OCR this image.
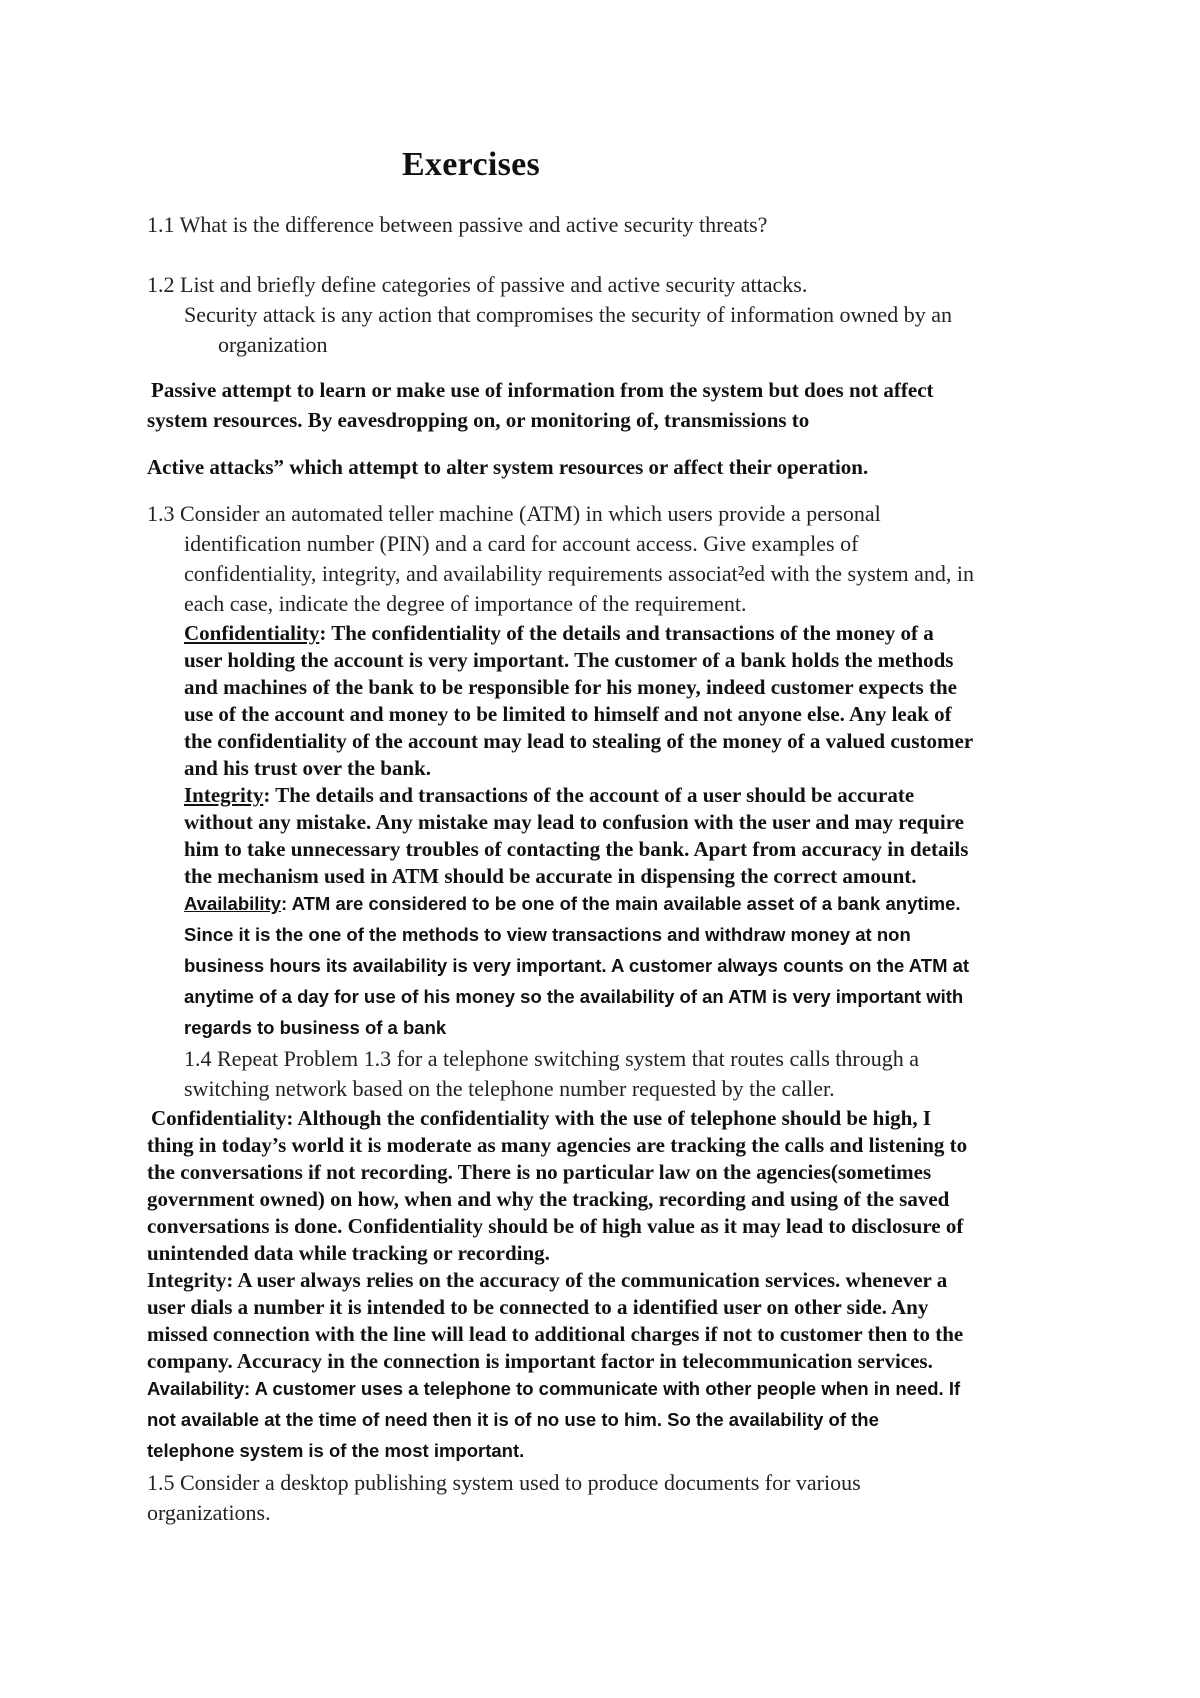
Exercises
1.1 What is the difference between passive and active security threats?
1.2 List and briefly define categories of passive and active security attacks.
Security attack is any action that compromises the security of information owned by an
organization
Passive attempt to learn or make use of information from the system but does not affect
system resources. By eavesdropping on, or monitoring of, transmissions to
Active attacks” which attempt to alter system resources or affect their operation.
1.3 Consider an automated teller machine (ATM) in which users provide a personal
identification number (PIN) and a card for account access. Give examples of
confidentiality, integrity, and availability requirements associat²ed with the system and, in
each case, indicate the degree of importance of the requirement.
Confidentiality: The confidentiality of the details and transactions of the money of a
user holding the account is very important. The customer of a bank holds the methods
and machines of the bank to be responsible for his money, indeed customer expects the
use of the account and money to be limited to himself and not anyone else. Any leak of
the confidentiality of the account may lead to stealing of the money of a valued customer
and his trust over the bank.
Integrity: The details and transactions of the account of a user should be accurate
without any mistake. Any mistake may lead to confusion with the user and may require
him to take unnecessary troubles of contacting the bank. Apart from accuracy in details
the mechanism used in ATM should be accurate in dispensing the correct amount.
Availability: ATM are considered to be one of the main available asset of a bank anytime.
Since it is the one of the methods to view transactions and withdraw money at non
business hours its availability is very important. A customer always counts on the ATM at
anytime of a day for use of his money so the availability of an ATM is very important with
regards to business of a bank
1.4 Repeat Problem 1.3 for a telephone switching system that routes calls through a
switching network based on the telephone number requested by the caller.
Confidentiality: Although the confidentiality with the use of telephone should be high, I
thing in today’s world it is moderate as many agencies are tracking the calls and listening to
the conversations if not recording. There is no particular law on the agencies(sometimes
government owned) on how, when and why the tracking, recording and using of the saved
conversations is done. Confidentiality should be of high value as it may lead to disclosure of
unintended data while tracking or recording.
Integrity: A user always relies on the accuracy of the communication services. whenever a
user dials a number it is intended to be connected to a identified user on other side. Any
missed connection with the line will lead to additional charges if not to customer then to the
company. Accuracy in the connection is important factor in telecommunication services.
Availability: A customer uses a telephone to communicate with other people when in need. If
not available at the time of need then it is of no use to him. So the availability of the
telephone system is of the most important.
1.5 Consider a desktop publishing system used to produce documents for various
organizations.
